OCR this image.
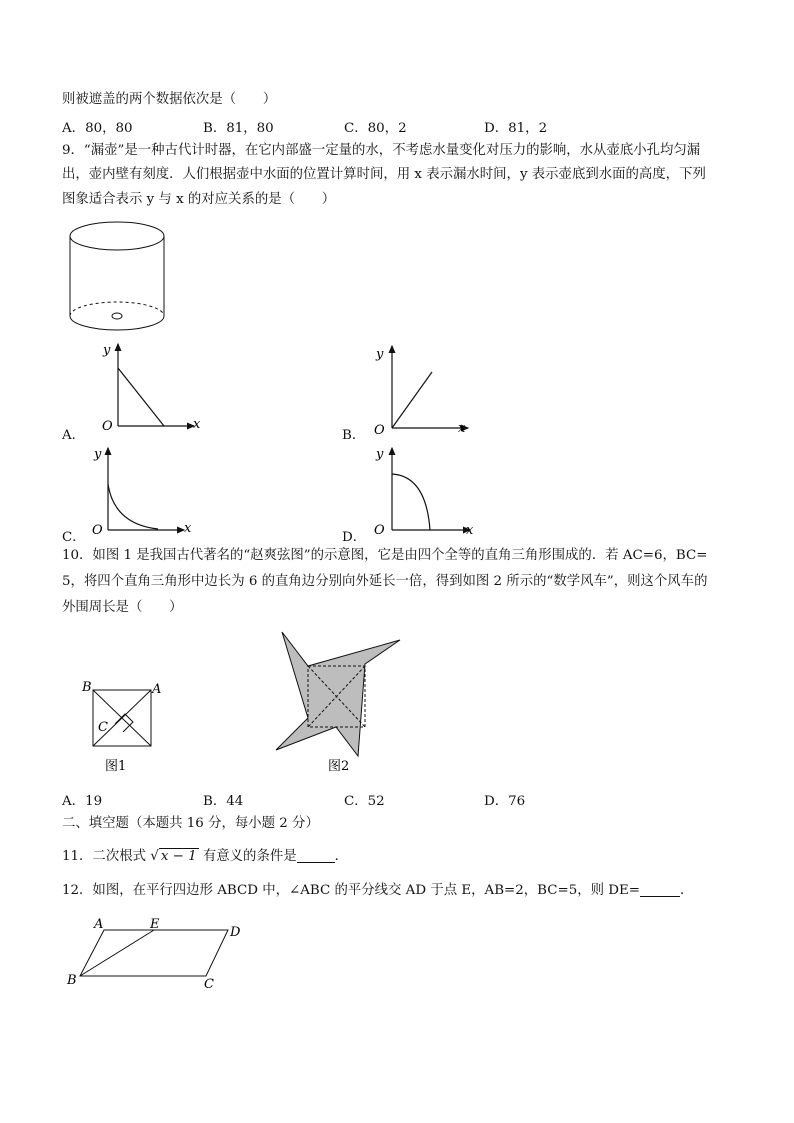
则被遮盖的两个数据依次是（　　）
A．80，80	B．81，80	C．80，2	D．81，2
9．“漏壶”是一种古代计时器，在它内部盛一定量的水，不考虑水量变化对压力的影响，水从壶底小孔均匀漏
出，壶内壁有刻度．人们根据壶中水面的位置计算时间，用 x 表示漏水时间，y 表示壶底到水面的高度，下列
图象适合表示 y 与 x 的对应关系的是（　　）
A．	B．
C．	D．
y
x
O
y
x
O
y
x
O
y
x
O
10．如图 1 是我国古代著名的“赵爽弦图”的示意图，它是由四个全等的直角三角形围成的．若 AC=6，BC=
5，将四个直角三角形中边长为 6 的直角边分别向外延长一倍，得到如图 2 所示的“数学风车”，则这个风车的
外围周长是（　　）
B	A
C
图1	图2
A．19	B．44	C．52	D．76
二、填空题（本题共 16 分，每小题 2 分）
11．二次根式 √ x − 1 有意义的条件是	．
12．如图，在平行四边形 ABCD 中，∠ABC 的平分线交 AD 于点 E，AB=2，BC=5，则 DE=	．
A	E
D
B	C
